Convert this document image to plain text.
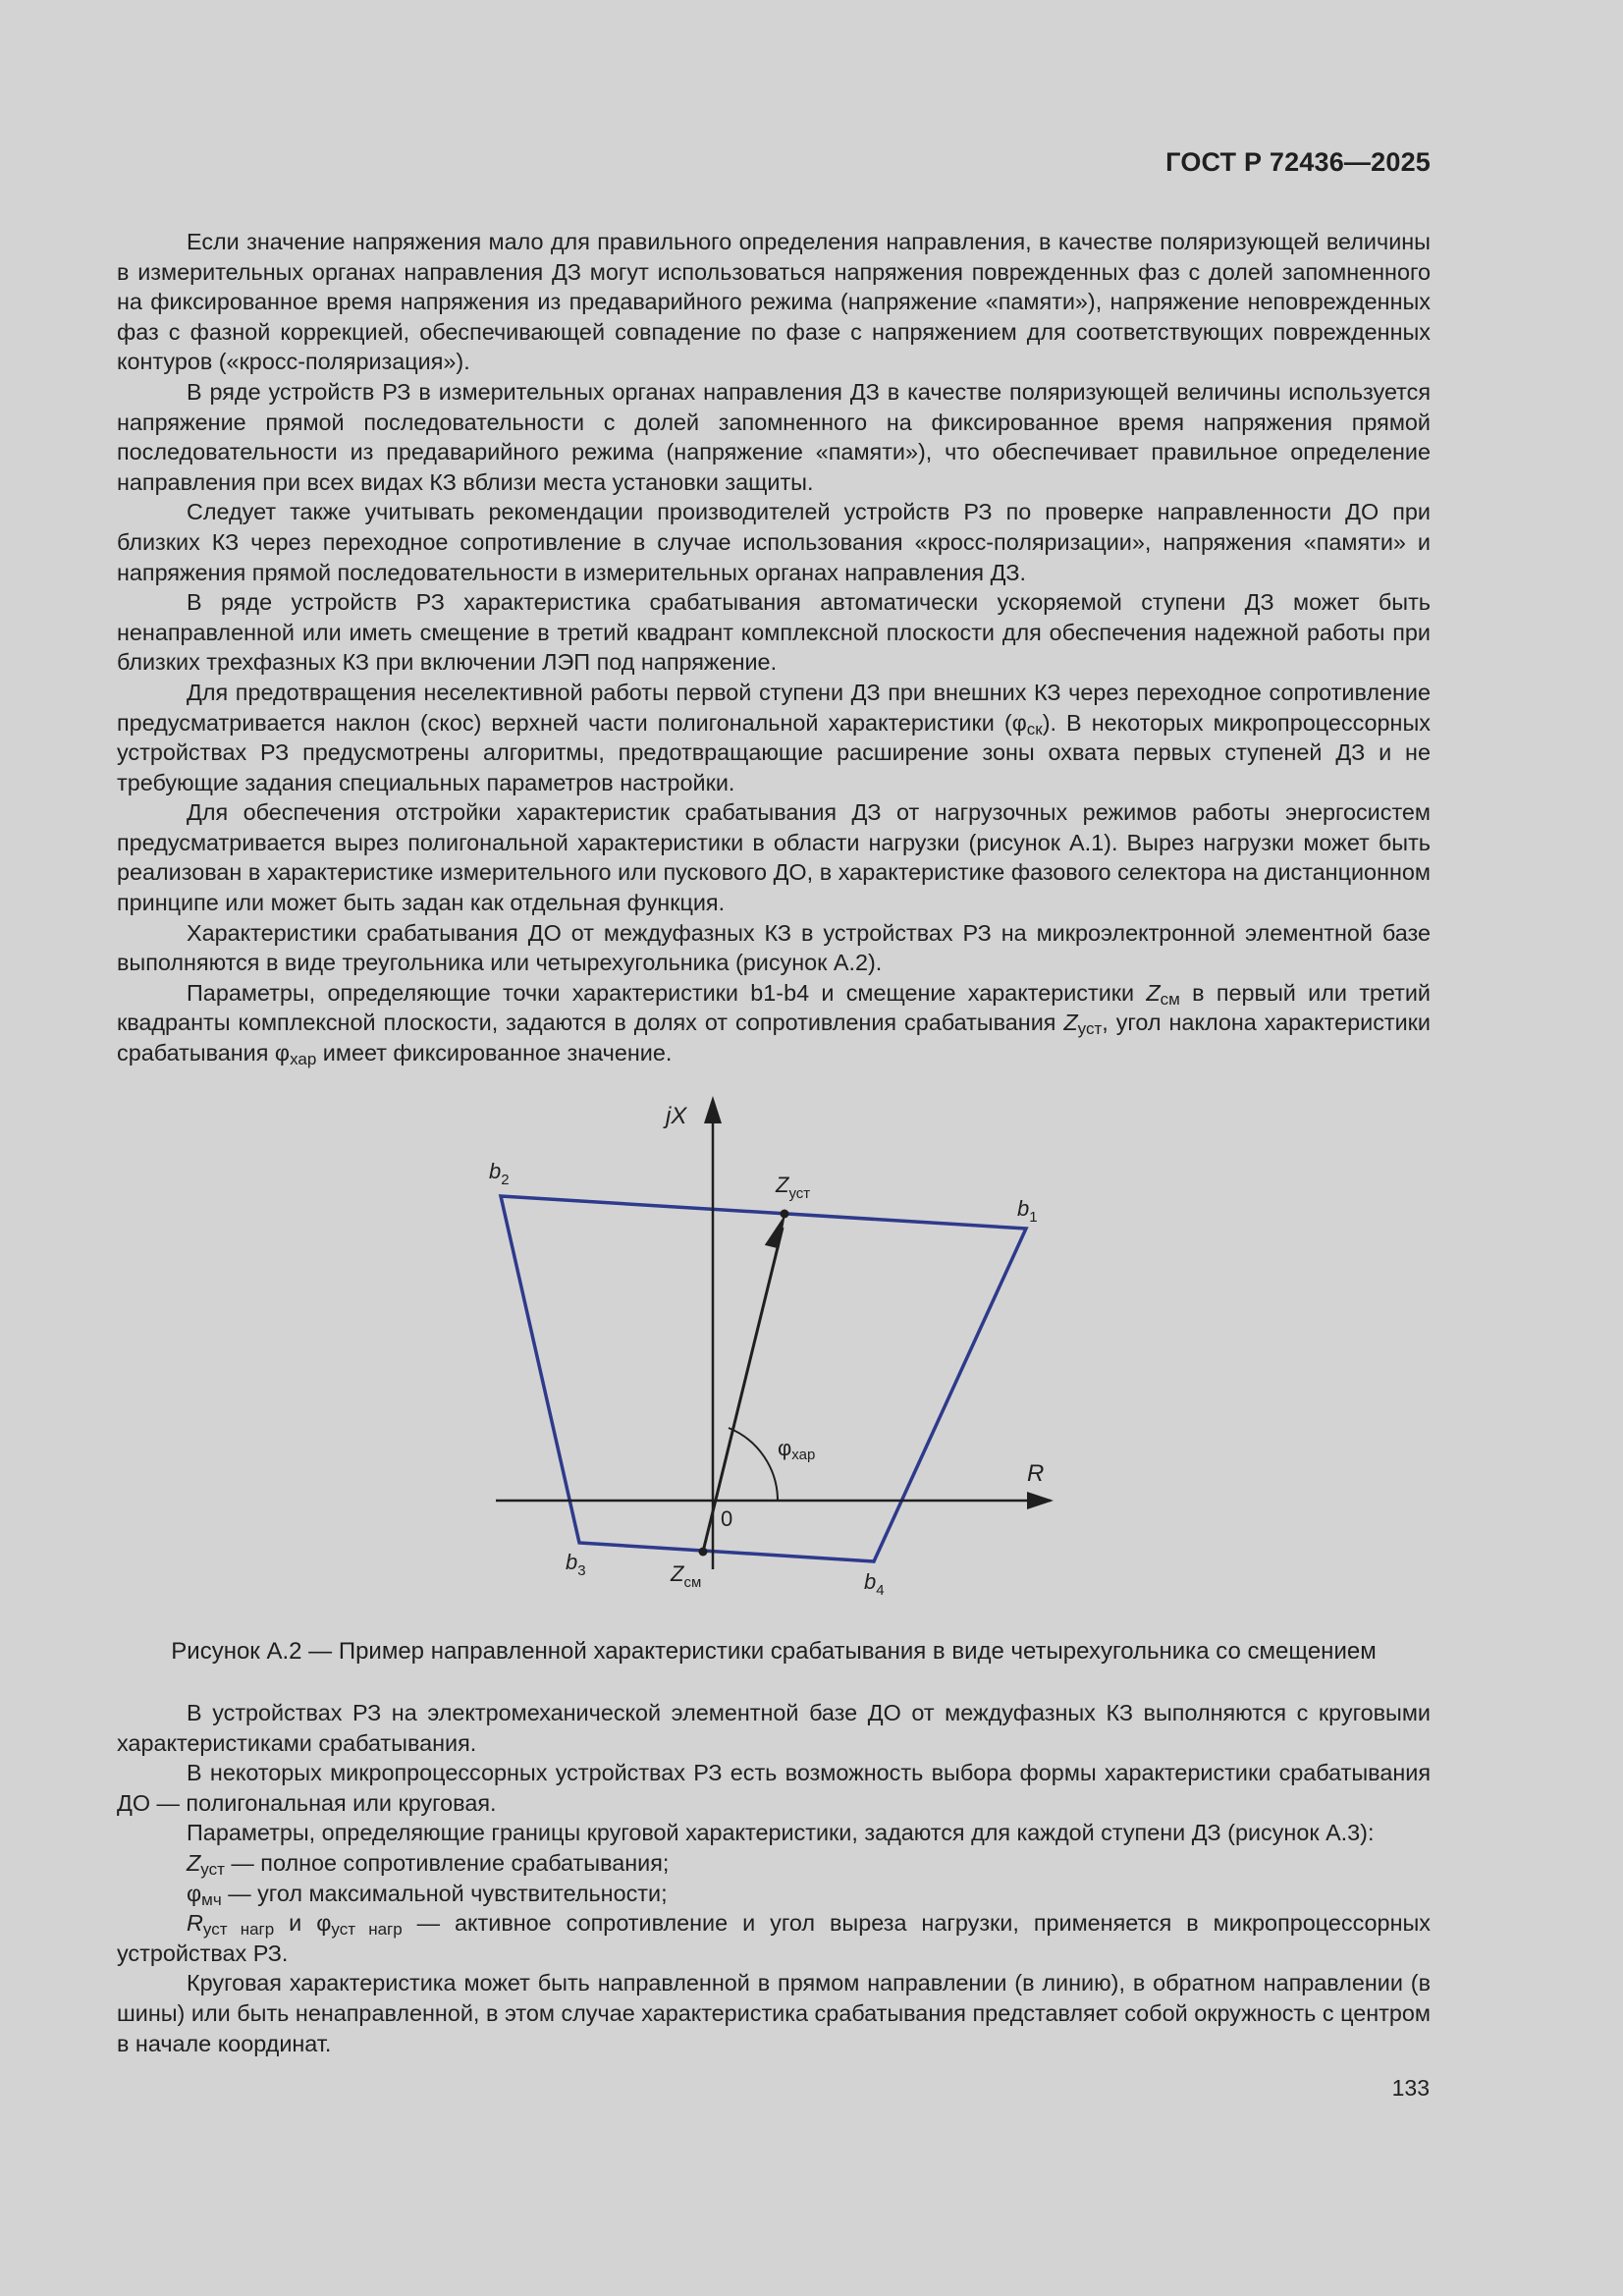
ГОСТ Р 72436—2025

Если значение напряжения мало для правильного определения направления, в качестве поляризующей величины в измерительных органах направления ДЗ могут использоваться напряжения поврежденных фаз с долей запомненного на фиксированное время напряжения из предаварийного режима (напряжение «памяти»), напряжение неповрежденных фаз с фазной коррекцией, обеспечивающей совпадение по фазе с напряжением для соответствующих поврежденных контуров («кросс-поляризация»).

В ряде устройств РЗ в измерительных органах направления ДЗ в качестве поляризующей величины используется напряжение прямой последовательности с долей запомненного на фиксированное время напряжения прямой последовательности из предаварийного режима (напряжение «памяти»), что обеспечивает правильное определение направления при всех видах КЗ вблизи места установки защиты.

Следует также учитывать рекомендации производителей устройств РЗ по проверке направленности ДО при близких КЗ через переходное сопротивление в случае использования «кросс-поляризации», напряжения «памяти» и напряжения прямой последовательности в измерительных органах направления ДЗ.

В ряде устройств РЗ характеристика срабатывания автоматически ускоряемой ступени ДЗ может быть ненаправленной или иметь смещение в третий квадрант комплексной плоскости для обеспечения надежной работы при близких трехфазных КЗ при включении ЛЭП под напряжение.

Для предотвращения неселективной работы первой ступени ДЗ при внешних КЗ через переходное сопротивление предусматривается наклон (скос) верхней части полигональной характеристики $(\varphi_{ск})$. В некоторых микропроцессорных устройствах РЗ предусмотрены алгоритмы, предотвращающие расширение зоны охвата первых ступеней ДЗ и не требующие задания специальных параметров настройки.

Для обеспечения отстройки характеристик срабатывания ДЗ от нагрузочных режимов работы энергосистем предусматривается вырез полигональной характеристики в области нагрузки (рисунок А.1). Вырез нагрузки может быть реализован в характеристике измерительного или пускового ДО, в характеристике фазового селектора на дистанционном принципе или может быть задан как отдельная функция.

Характеристики срабатывания ДО от междуфазных КЗ в устройствах РЗ на микроэлектронной элементной базе выполняются в виде треугольника или четырехугольника (рисунок А.2).

Параметры, определяющие точки характеристики b1-b4 и смещение характеристики $Z_{см}$ в первый или третий квадранты комплексной плоскости, задаются в долях от сопротивления срабатывания $Z_{уст}$, угол наклона характеристики срабатывания $\varphi_{хар}$ имеет фиксированное значение.

jX
R
0
$b_1$
$b_2$
$b_3$	$b_4$
$Z_{уст}$
$Z_{см}$
φхар
Рисунок А.2 — Пример направленной характеристики срабатывания в виде четырехугольника со смещением

В устройствах РЗ на электромеханической элементной базе ДО от междуфазных КЗ выполняются с круговыми характеристиками срабатывания.

В некоторых микропроцессорных устройствах РЗ есть возможность выбора формы характеристики срабатывания ДО — полигональная или круговая.

Параметры, определяющие границы круговой характеристики, задаются для каждой ступени ДЗ (рисунок А.3):

$Z_{уст}$ — полное сопротивление срабатывания;

$\varphi_{мч}$ — угол максимальной чувствительности;

$R_{уст нагр}$ и $\varphi_{уст нагр}$ — активное сопротивление и угол выреза нагрузки, применяется в микропроцессорных устройствах РЗ.

Круговая характеристика может быть направленной в прямом направлении (в линию), в обратном направлении (в шины) или быть ненаправленной, в этом случае характеристика срабатывания представляет собой окружность с центром в начале координат.

133
